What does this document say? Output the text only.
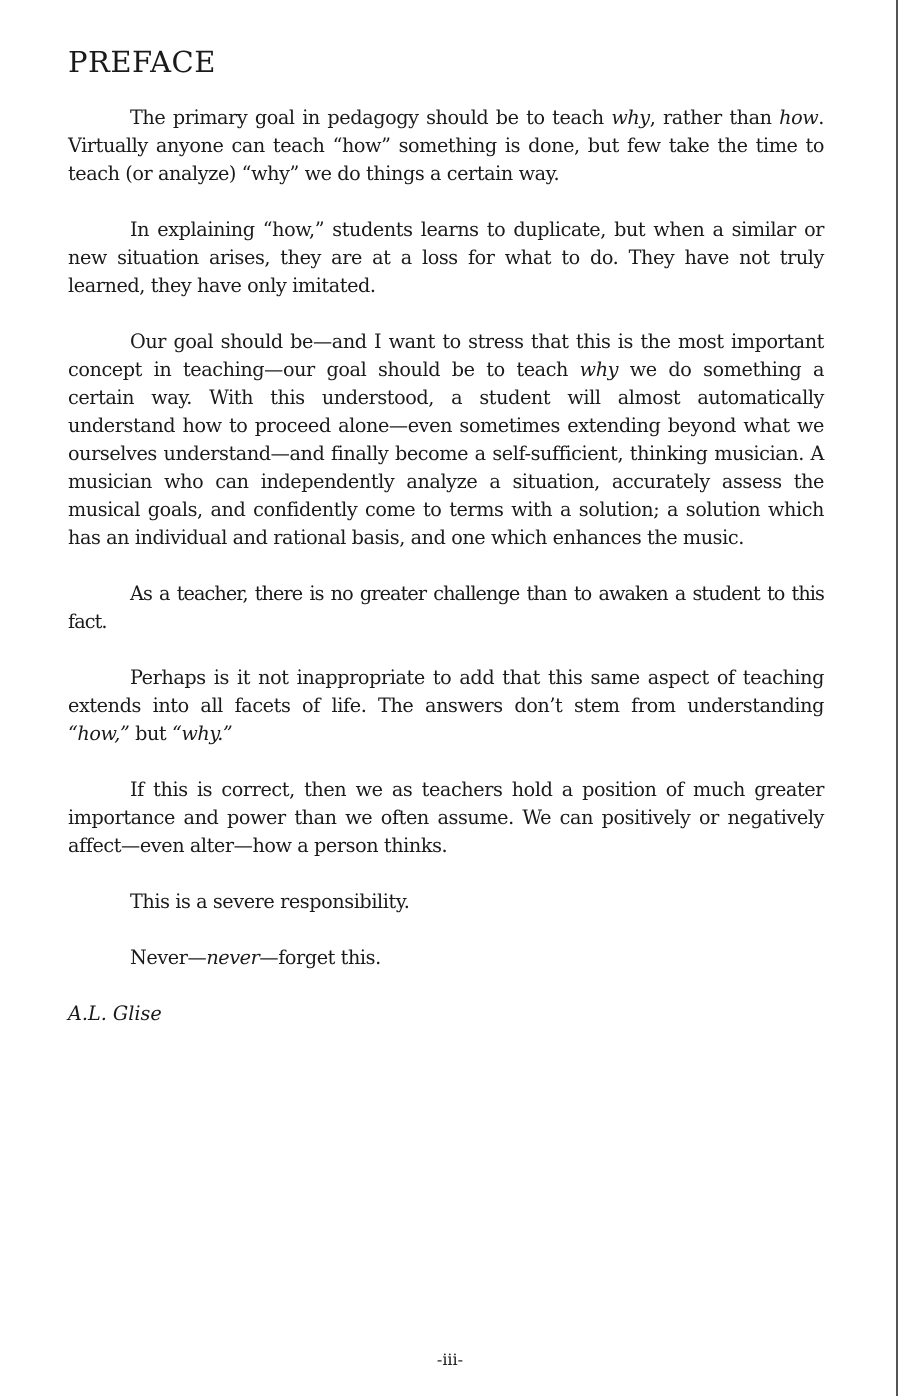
PREFACE

The primary goal in pedagogy should be to teach why, rather than how. Virtually anyone can teach “how” something is done, but few take the time to teach (or analyze) “why” we do things a certain way.

In explaining “how,” students learns to duplicate, but when a similar or new situation arises, they are at a loss for what to do. They have not truly learned, they have only imitated.

Our goal should be—and I want to stress that this is the most important concept in teaching—our goal should be to teach why we do something a certain way. With this understood, a student will almost automatically understand how to proceed alone—even sometimes extending beyond what we ourselves understand—and finally become a self-sufficient, thinking musician. A musician who can independently analyze a situation, accurately assess the musical goals, and confidently come to terms with a solution; a solution which has an individual and rational basis, and one which enhances the music.

As a teacher, there is no greater challenge than to awaken a student to this fact.

Perhaps is it not inappropriate to add that this same aspect of teaching extends into all facets of life. The answers don’t stem from understanding “how,” but “why.”

If this is correct, then we as teachers hold a position of much greater importance and power than we often assume. We can positively or negatively affect—even alter—how a person thinks.

This is a severe responsibility.

Never—never—forget this.

A.L. Glise

-iii-
